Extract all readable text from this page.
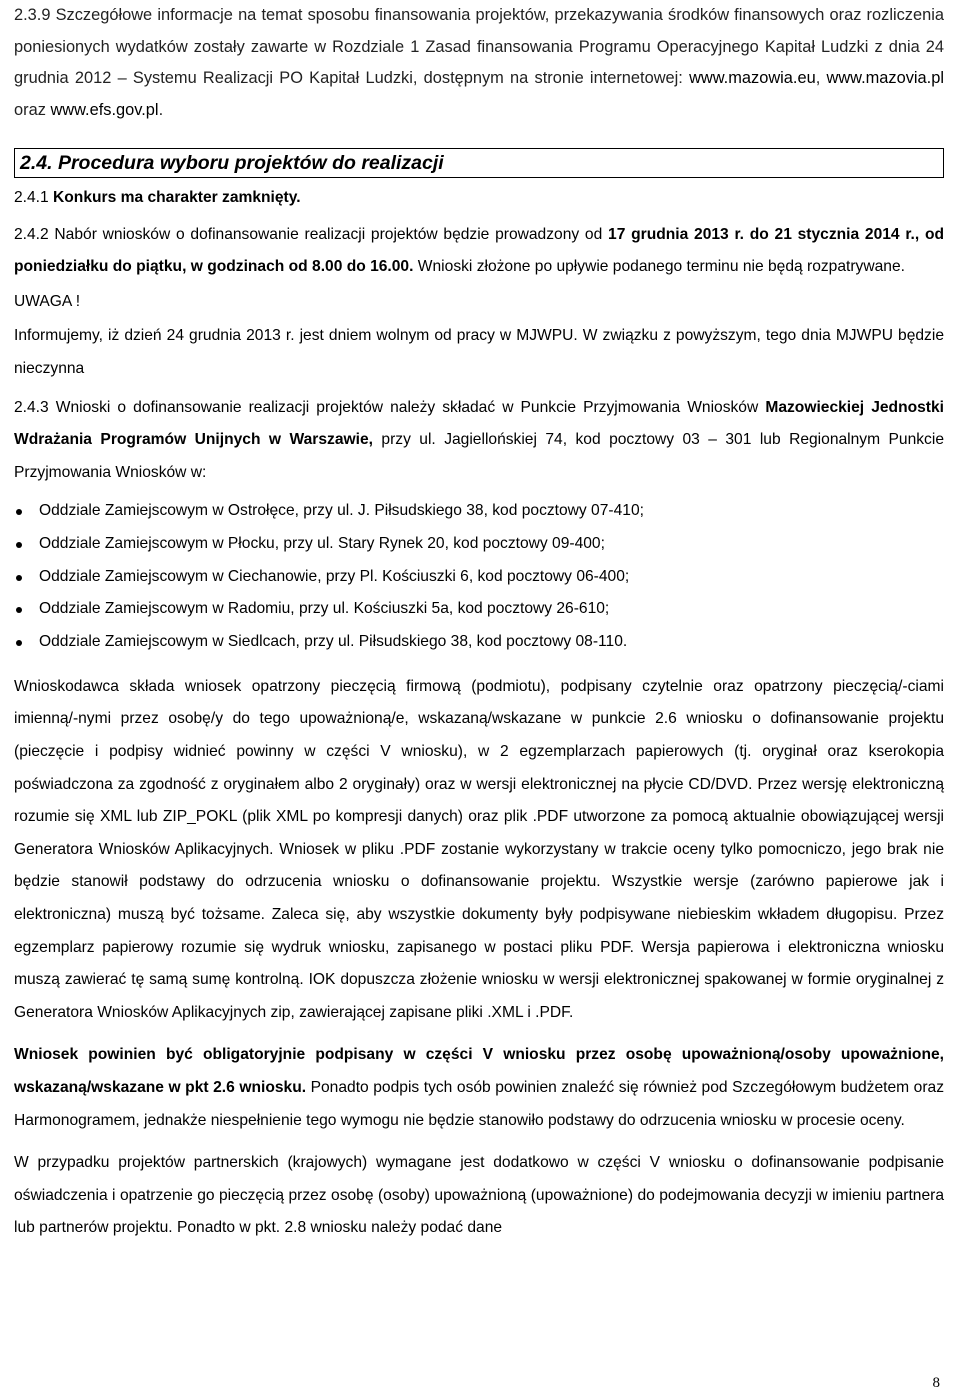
2.3.9 Szczegółowe informacje na temat sposobu finansowania projektów, przekazywania środków finansowych oraz rozliczenia poniesionych wydatków zostały zawarte w Rozdziale 1 Zasad finansowania Programu Operacyjnego Kapitał Ludzki z dnia 24 grudnia 2012 – Systemu Realizacji PO Kapitał Ludzki, dostępnym na stronie internetowej: www.mazowia.eu, www.mazovia.pl oraz www.efs.gov.pl.

2.4. Procedura wyboru projektów do realizacji

2.4.1 Konkurs ma charakter zamknięty.

2.4.2 Nabór wniosków o dofinansowanie realizacji projektów będzie prowadzony od 17 grudnia 2013 r. do 21 stycznia 2014 r., od poniedziałku do piątku, w godzinach od 8.00 do 16.00. Wnioski złożone po upływie podanego terminu nie będą rozpatrywane.

UWAGA !

Informujemy, iż dzień 24 grudnia 2013 r. jest dniem wolnym od pracy w MJWPU. W związku z powyższym, tego dnia MJWPU będzie nieczynna

2.4.3 Wnioski o dofinansowanie realizacji projektów należy składać w Punkcie Przyjmowania Wniosków Mazowieckiej Jednostki Wdrażania Programów Unijnych w Warszawie, przy ul. Jagiellońskiej 74, kod pocztowy 03 – 301 lub Regionalnym Punkcie Przyjmowania Wniosków w:

Oddziale Zamiejscowym w Ostrołęce, przy ul. J. Piłsudskiego 38, kod pocztowy 07-410;
Oddziale Zamiejscowym w Płocku, przy ul. Stary Rynek 20, kod pocztowy 09-400;
Oddziale Zamiejscowym w Ciechanowie, przy Pl. Kościuszki 6, kod pocztowy 06-400;
Oddziale Zamiejscowym w Radomiu, przy ul. Kościuszki 5a, kod pocztowy 26-610;
Oddziale Zamiejscowym w Siedlcach, przy ul. Piłsudskiego 38, kod pocztowy 08-110.

Wnioskodawca składa wniosek opatrzony pieczęcią firmową (podmiotu), podpisany czytelnie oraz opatrzony pieczęcią/-ciami imienną/-nymi przez osobę/y do tego upoważnioną/e, wskazaną/wskazane w punkcie 2.6 wniosku o dofinansowanie projektu (pieczęcie i podpisy widnieć powinny w części V wniosku), w 2 egzemplarzach papierowych (tj. oryginał oraz kserokopia poświadczona za zgodność z oryginałem albo 2 oryginały) oraz w wersji elektronicznej na płycie CD/DVD. Przez wersję elektroniczną rozumie się XML lub ZIP_POKL (plik XML po kompresji danych) oraz plik .PDF utworzone za pomocą aktualnie obowiązującej wersji Generatora Wniosków Aplikacyjnych. Wniosek w pliku .PDF zostanie wykorzystany w trakcie oceny tylko pomocniczo, jego brak nie będzie stanowił podstawy do odrzucenia wniosku o dofinansowanie projektu. Wszystkie wersje (zarówno papierowe jak i elektroniczna) muszą być tożsame. Zaleca się, aby wszystkie dokumenty były podpisywane niebieskim wkładem długopisu. Przez egzemplarz papierowy rozumie się wydruk wniosku, zapisanego w postaci pliku PDF. Wersja papierowa i elektroniczna wniosku muszą zawierać tę samą sumę kontrolną. IOK dopuszcza złożenie wniosku w wersji elektronicznej spakowanej w formie oryginalnej z Generatora Wniosków Aplikacyjnych zip, zawierającej zapisane pliki .XML i .PDF.

Wniosek powinien być obligatoryjnie podpisany w części V wniosku przez osobę upoważnioną/osoby upoważnione, wskazaną/wskazane w pkt 2.6 wniosku. Ponadto podpis tych osób powinien znaleźć się również pod Szczegółowym budżetem oraz Harmonogramem, jednakże niespełnienie tego wymogu nie będzie stanowiło podstawy do odrzucenia wniosku w procesie oceny.

W przypadku projektów partnerskich (krajowych) wymagane jest dodatkowo w części V wniosku o dofinansowanie podpisanie oświadczenia i opatrzenie go pieczęcią przez osobę (osoby) upoważnioną (upoważnione) do podejmowania decyzji w imieniu partnera lub partnerów projektu. Ponadto w pkt. 2.8 wniosku należy podać dane

8
